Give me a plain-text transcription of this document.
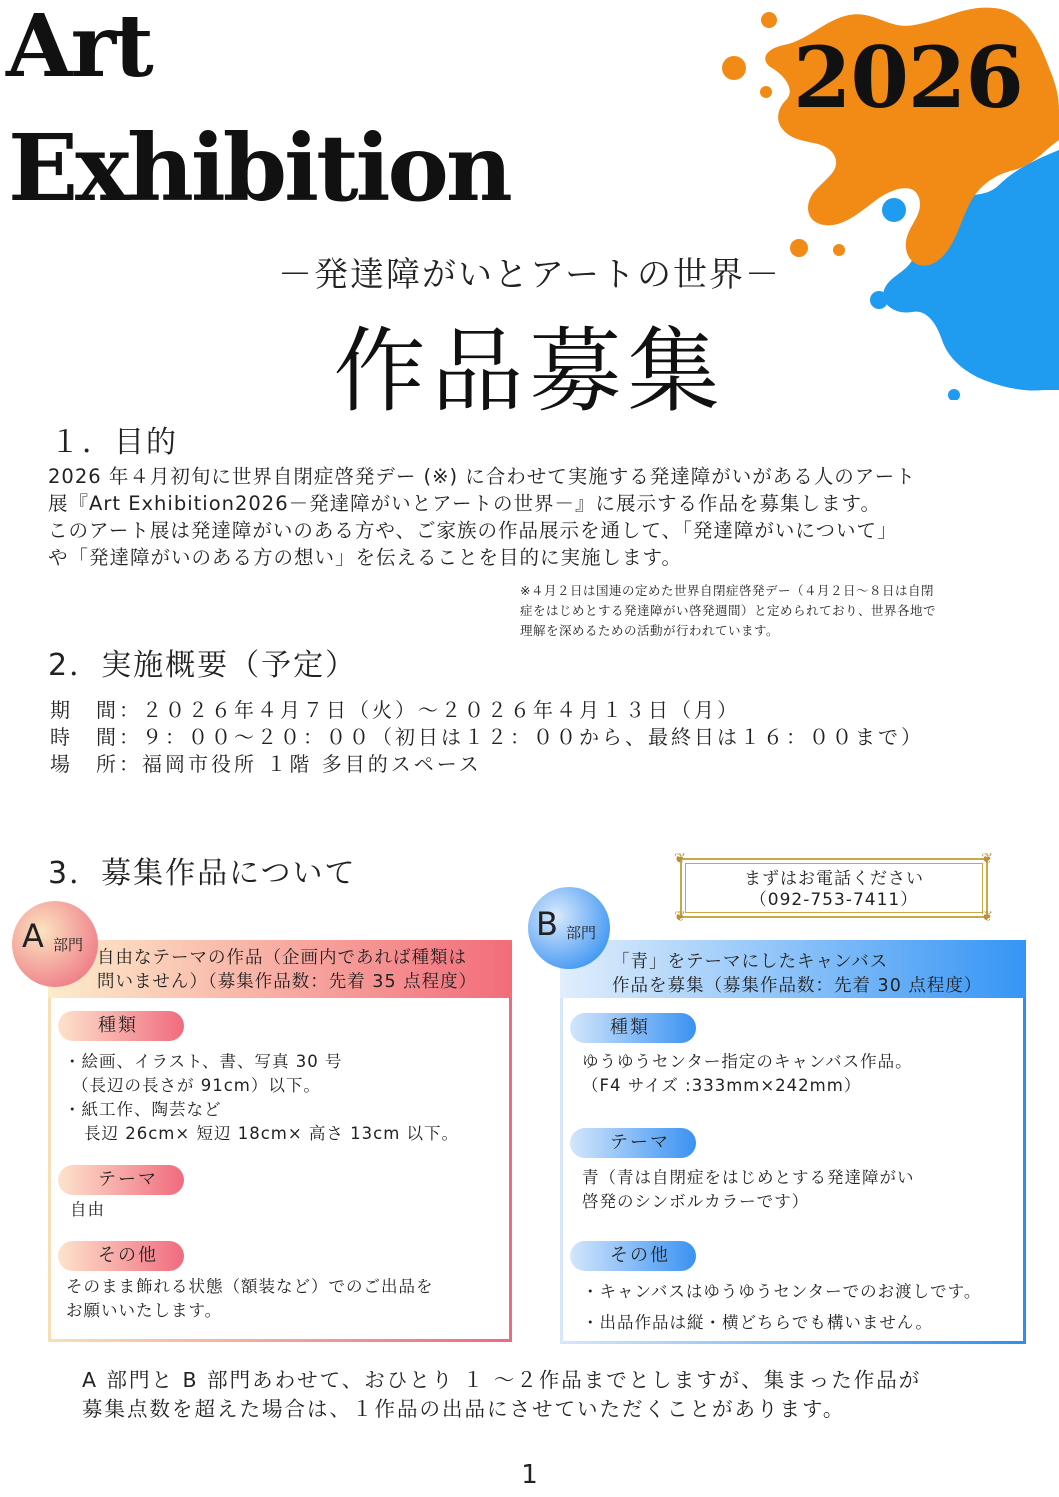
Art
Exhibition
2026
－発達障がいとアートの世界－
作品募集
１．目的
2026 年４月初旬に世界自閉症啓発デー (※) に合わせて実施する発達障がいがある人のアート
展『Art Exhibition2026－発達障がいとアートの世界－』に展示する作品を募集します。
このアート展は発達障がいのある方や、ご家族の作品展示を通して、「発達障がいについて」
や「発達障がいのある方の想い」を伝えることを目的に実施します。
※４月２日は国連の定めた世界自閉症啓発デー（４月２日～８日は自閉
症をはじめとする発達障がい啓発週間）と定められており、世界各地で
理解を深めるための活動が行われています。
2．実施概要（予定）
期　間：２０２６年４月７日（火）～２０２６年４月１３日（月）
時　間：９：００～２０：００（初日は１２：００から、最終日は１６：００まで）
場　所：福岡市役所 １階 多目的スペース
3．募集作品について	❦	❦
❦	❦
まずはお電話ください
（092-753-7411）
A 部門
自由なテーマの作品（企画内であれば種類は
問いません）（募集作品数：先着 35 点程度）
種類
・絵画、イラスト、書、写真 30 号
（長辺の長さが 91cm）以下。
・紙工作、陶芸など
長辺 26cm× 短辺 18cm× 高さ 13cm 以下。
テーマ
自由
その他
そのまま飾れる状態（額装など）でのご出品を
お願いいたします。
B 部門
「青」をテーマにしたキャンバス
作品を募集（募集作品数：先着 30 点程度）
種類
ゆうゆうセンター指定のキャンバス作品。
（F4 サイズ :333mm×242mm）
テーマ
青（青は自閉症をはじめとする発達障がい
啓発のシンボルカラーです）
その他
・キャンバスはゆうゆうセンターでのお渡しです。
・出品作品は縦・横どちらでも構いません。
A 部門と B 部門あわせて、おひとり １ ～２作品までとしますが、集まった作品が
募集点数を超えた場合は、１作品の出品にさせていただくことがあります。
1
